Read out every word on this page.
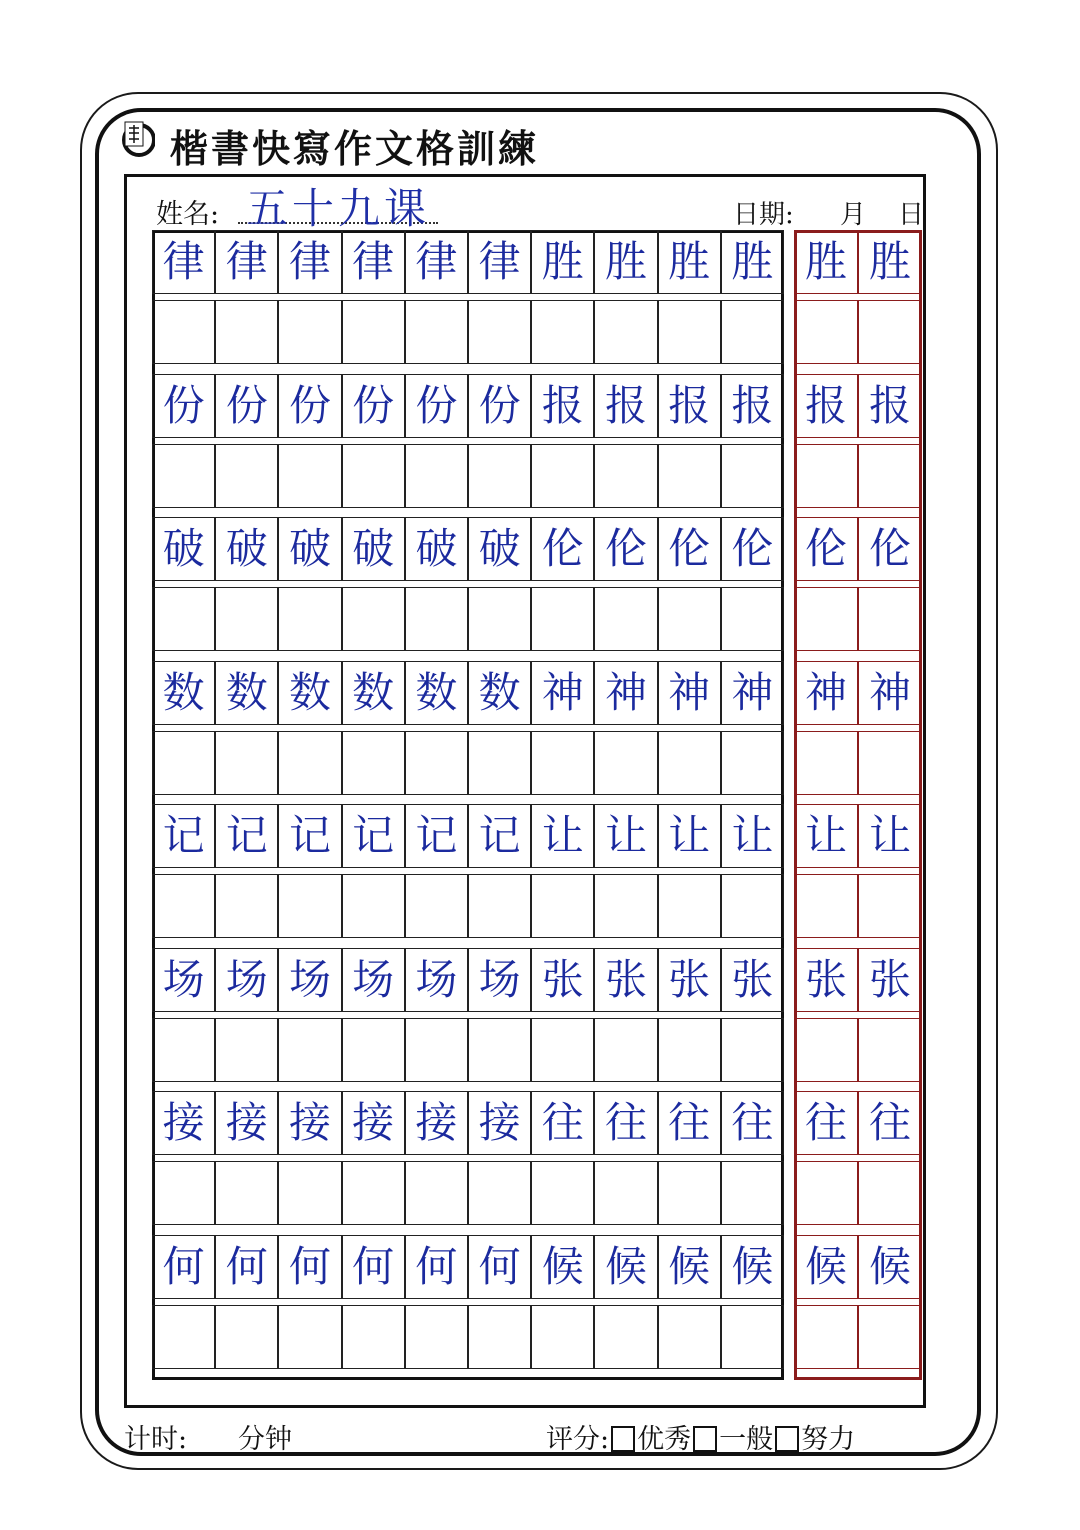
楷書快寫作文格訓練
姓名: 五十九课	日期: 月 日
律 律 律 律 律 律 胜 胜 胜 胜 胜 胜
份 份 份 份 份 份 报 报 报 报 报 报
破 破 破 破 破 破 伦 伦 伦 伦 伦 伦
数 数 数 数 数 数 神 神 神 神 神 神
记 记 记 记 记 记 让 让 让 让 让 让
场 场 场 场 场 场 张 张 张 张 张 张
接 接 接 接 接 接 往 往 往 往 往 往
何 何 何 何 何 何 候 候 候 候 候 候
计时: 分钟	评分: 优秀 一般 努力
